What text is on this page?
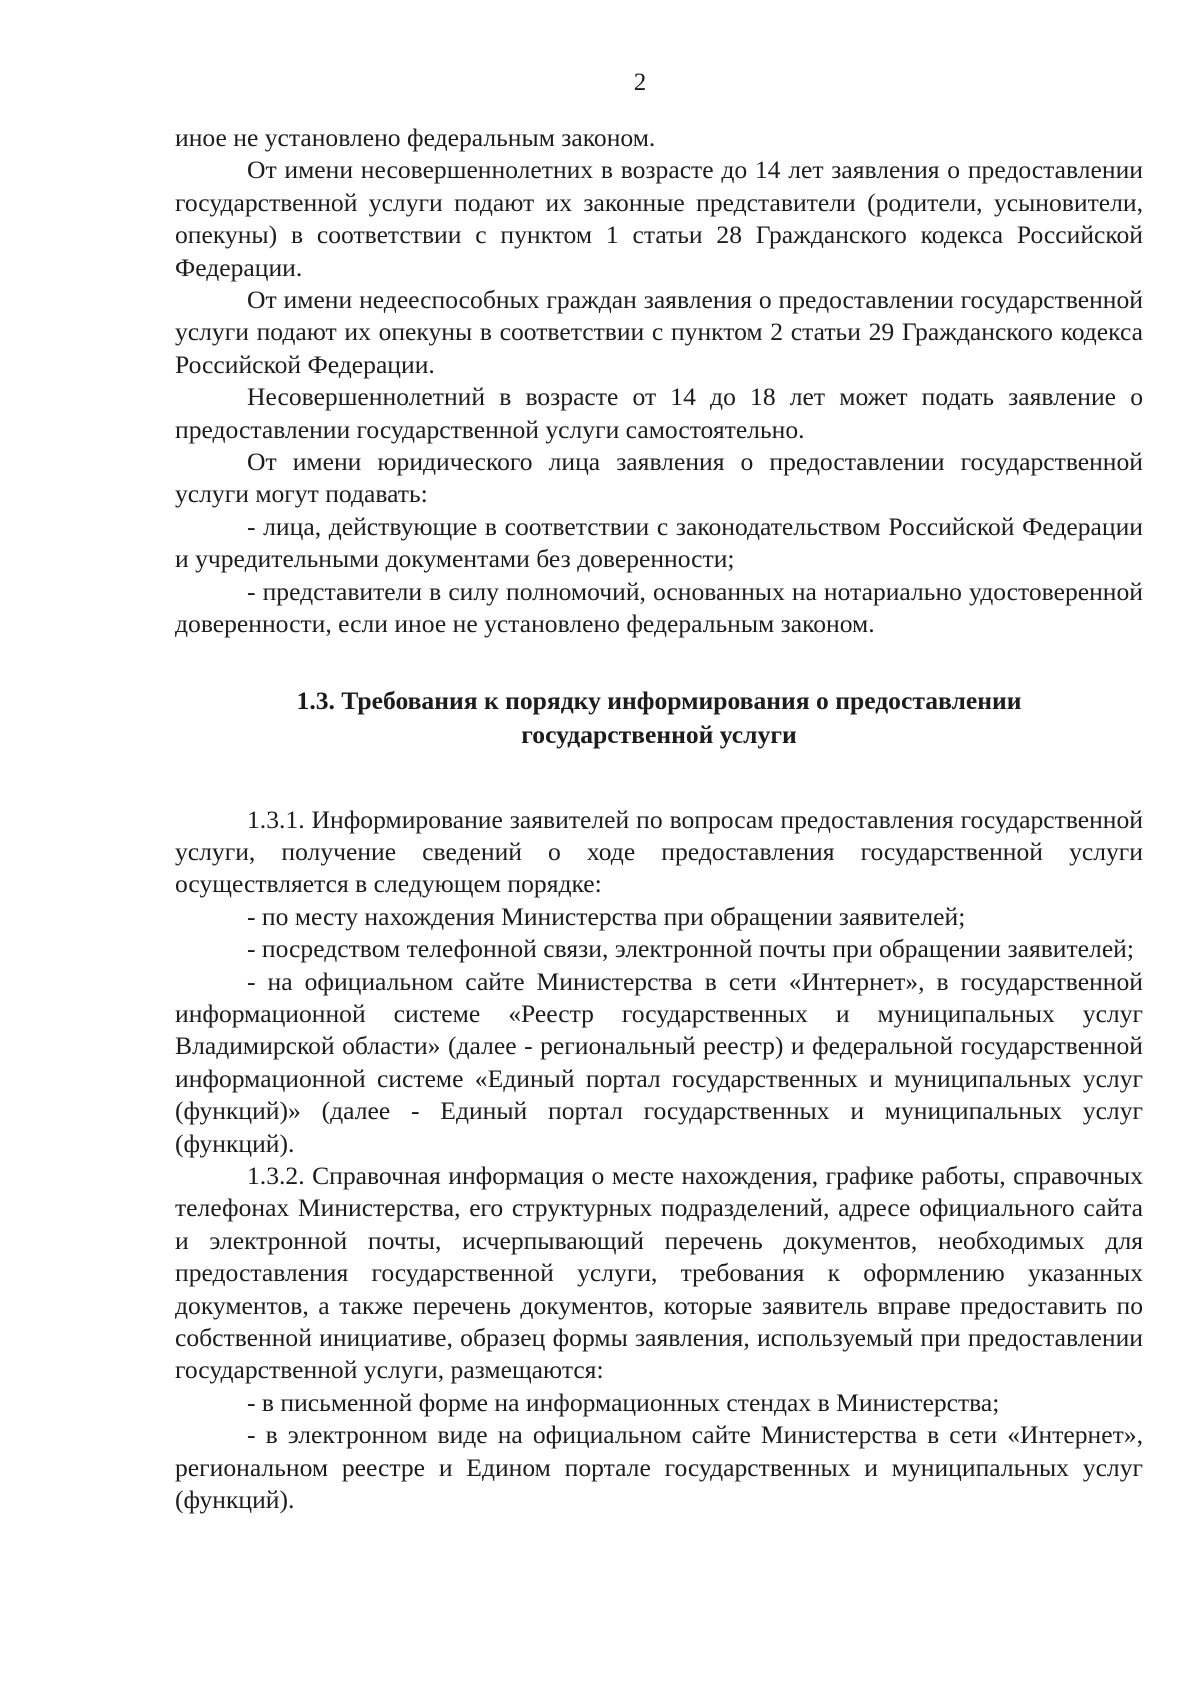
2

иное не установлено федеральным законом.

От имени несовершеннолетних в возрасте до 14 лет заявления о предоставлении государственной услуги подают их законные представители (родители, усыновители, опекуны) в соответствии с пунктом 1 статьи 28 Гражданского кодекса Российской Федерации.

От имени недееспособных граждан заявления о предоставлении государственной услуги подают их опекуны в соответствии с пунктом 2 статьи 29 Гражданского кодекса Российской Федерации.

Несовершеннолетний в возрасте от 14 до 18 лет может подать заявление о предоставлении государственной услуги самостоятельно.

От имени юридического лица заявления о предоставлении государственной услуги могут подавать:

- лица, действующие в соответствии с законодательством Российской Федерации и учредительными документами без доверенности;

- представители в силу полномочий, основанных на нотариально удостоверенной доверенности, если иное не установлено федеральным законом.

1.3. Требования к порядку информирования о предоставлении
государственной услуги

1.3.1. Информирование заявителей по вопросам предоставления государственной услуги, получение сведений о ходе предоставления государственной услуги осуществляется в следующем порядке:

- по месту нахождения Министерства при обращении заявителей;

- посредством телефонной связи, электронной почты при обращении заявителей;

- на официальном сайте Министерства в сети «Интернет», в государственной информационной системе «Реестр государственных и муниципальных услуг Владимирской области» (далее - региональный реестр) и федеральной государственной информационной системе «Единый портал государственных и муниципальных услуг (функций)» (далее - Единый портал государственных и муниципальных услуг (функций).

1.3.2. Справочная информация о месте нахождения, графике работы, справочных телефонах Министерства, его структурных подразделений, адресе официального сайта и электронной почты, исчерпывающий перечень документов, необходимых для предоставления государственной услуги, требования к оформлению указанных документов, а также перечень документов, которые заявитель вправе предоставить по собственной инициативе, образец формы заявления, используемый при предоставлении государственной услуги, размещаются:

- в письменной форме на информационных стендах в Министерства;

- в электронном виде на официальном сайте Министерства в сети «Интернет», региональном реестре и Едином портале государственных и муниципальных услуг (функций).
